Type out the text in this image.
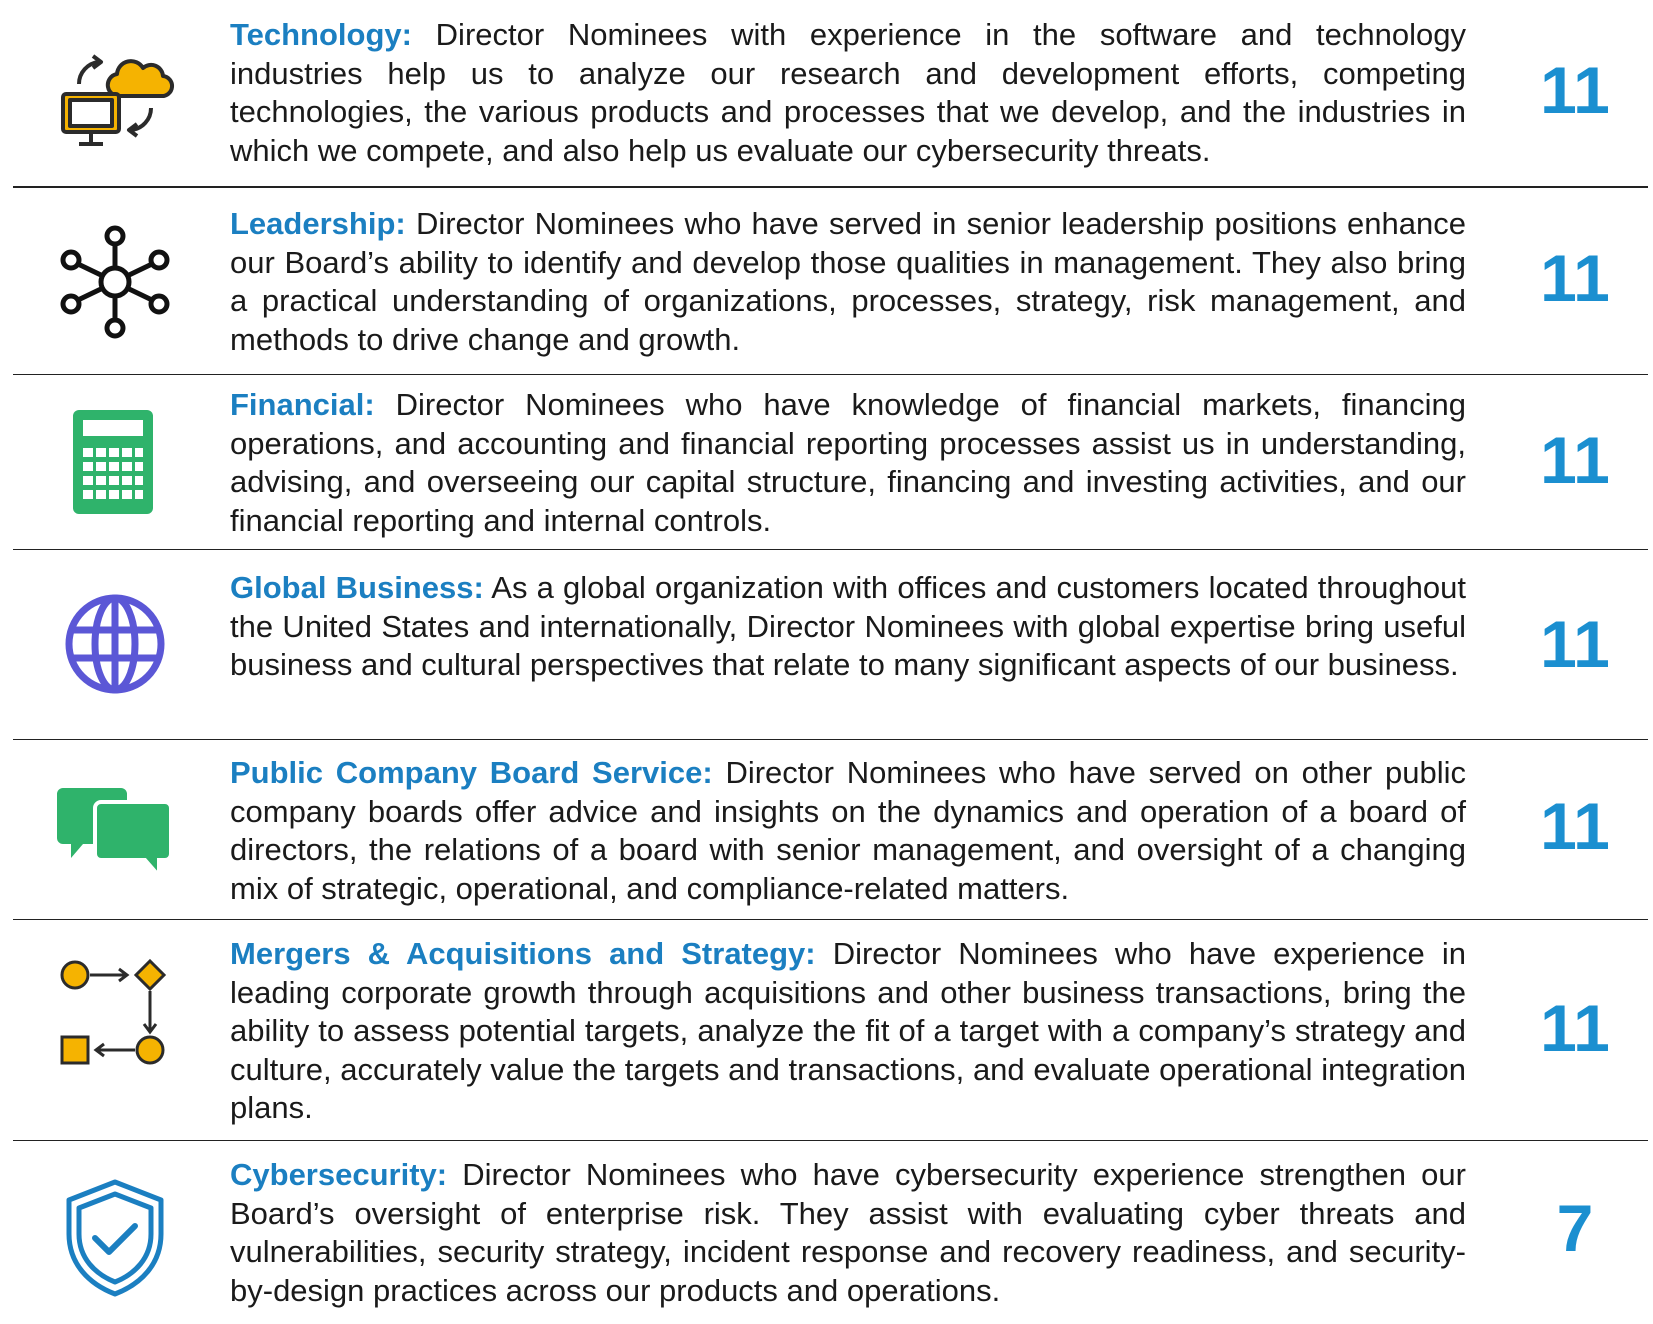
Technology: Director Nominees with experience in the software and technology industries help us to analyze our research and development efforts, competing technologies, the various products and processes that we develop, and the industries in which we compete, and also help us evaluate our cybersecurity threats.
11
Leadership: Director Nominees who have served in senior leadership positions enhance our Board’s ability to identify and develop those qualities in management. They also bring a practical understanding of organizations, processes, strategy, risk management, and methods to drive change and growth.
11
Financial: Director Nominees who have knowledge of financial markets, financing operations, and accounting and financial reporting processes assist us in understanding, advising, and overseeing our capital structure, financing and investing activities, and our financial reporting and internal controls.
11
Global Business: As a global organization with offices and customers located throughout the United States and internationally, Director Nominees with global expertise bring useful business and cultural perspectives that relate to many significant aspects of our business.	11
Public Company Board Service: Director Nominees who have served on other public company boards offer advice and insights on the dynamics and operation of a board of directors, the relations of a board with senior management, and oversight of a changing mix of strategic, operational, and compliance-related matters.
11
Mergers & Acquisitions and Strategy: Director Nominees who have experience in leading corporate growth through acquisitions and other business transactions, bring the ability to assess potential targets, analyze the fit of a target with a company’s strategy and culture, accurately value the targets and transactions, and evaluate operational integration plans.
11
Cybersecurity: Director Nominees who have cybersecurity experience strengthen our Board’s oversight of enterprise risk. They assist with evaluating cyber threats and vulnerabilities, security strategy, incident response and recovery readiness, and security-by-design practices across our products and operations.
7
